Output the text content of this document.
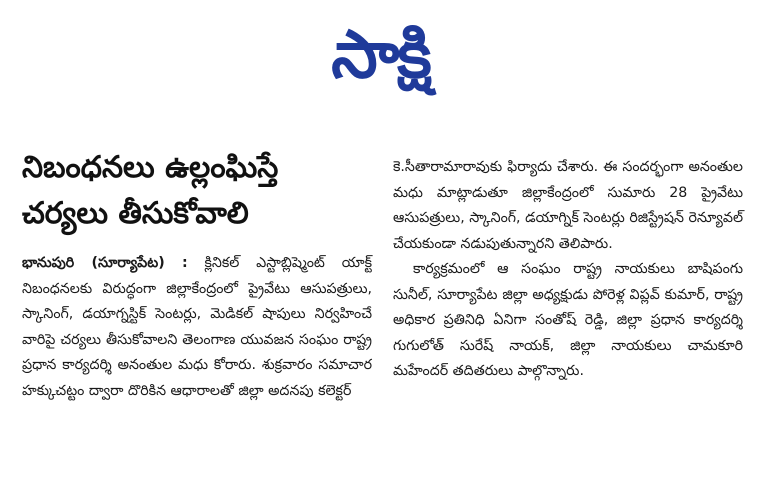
సాక్షి
నిబంధనలు ఉల్లంఘిస్తే
చర్యలు తీసుకోవాలి

భానుపురి (సూర్యాపేట) : క్లినికల్ ఎస్టాబ్లిష్మెంట్ యాక్ట్ నిబంధనలకు విరుద్ధంగా జిల్లాకేంద్రంలో ప్రైవేటు ఆసుపత్రులు, స్కానింగ్, డయాగ్నస్టిక్ సెంటర్లు, మెడికల్ షాపులు నిర్వహించే వారిపై చర్యలు తీసుకోవాలని తెలంగాణ యువజన సంఘం రాష్ట్ర ప్రధాన కార్యదర్శి అనంతుల మధు కోరారు. శుక్రవారం సమాచార హక్కుచట్టం ద్వారా దొరికిన ఆధారాలతో జిల్లా అదనపు కలెక్టర్

కె.సీతారామారావుకు ఫిర్యాదు చేశారు. ఈ సందర్భంగా అనంతుల మధు మాట్లాడుతూ జిల్లాకేంద్రంలో సుమారు 28 ప్రైవేటు ఆసుపత్రులు, స్కానింగ్, డయాగ్నిక్ సెంటర్లు రిజిస్ట్రేషన్ రెన్యూవల్ చేయకుండా నడుపుతున్నారని తెలిపారు.

కార్యక్రమంలో ఆ సంఘం రాష్ట్ర నాయకులు బాషిపంగు సునీల్, సూర్యాపేట జిల్లా అధ్యక్షుడు పోరెళ్ల విప్లవ్ కుమార్, రాష్ట్ర అధికార ప్రతినిధి ఏనిగా సంతోష్ రెడ్డి, జిల్లా ప్రధాన కార్యదర్శి గుగులోత్ సురేష్ నాయక్, జిల్లా నాయకులు చామకూరి మహేందర్ తదితరులు పాల్గొన్నారు.
